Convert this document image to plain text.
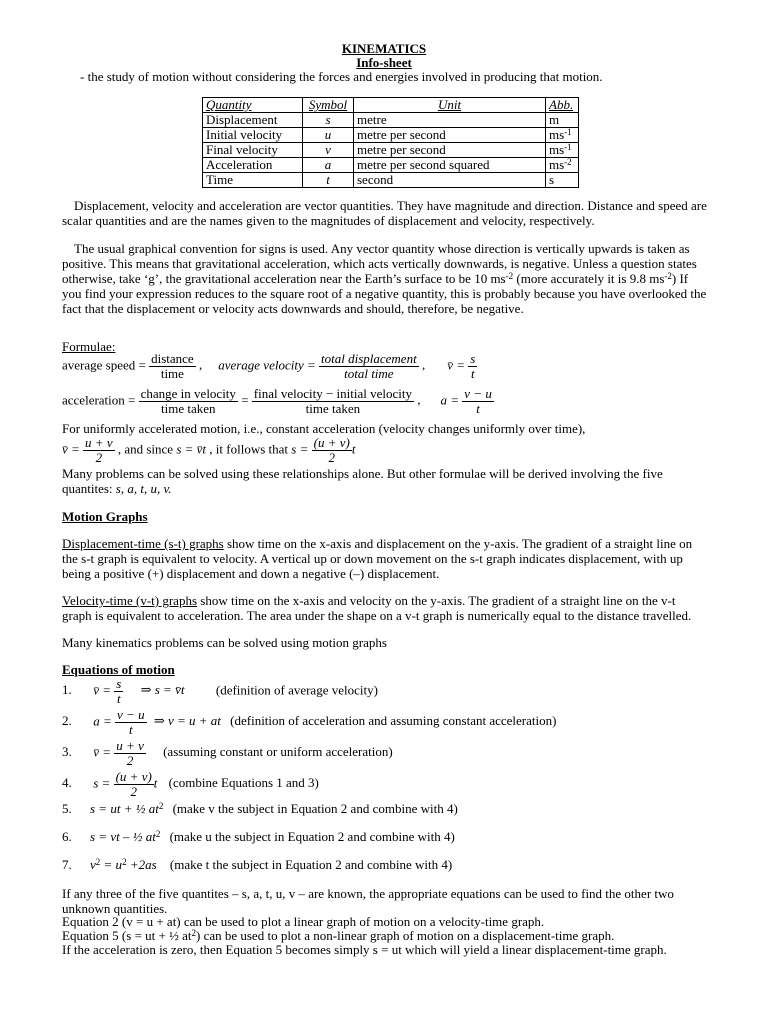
KINEMATICS
Info-sheet
- the study of motion without considering the forces and energies involved in producing that motion.
Quantity	Symbol	Unit	Abb.
Displacement	s	metre	m
Initial velocity	u	metre per second	$ms^{-1}$
Final velocity	v	metre per second	$ms^{-1}$
Acceleration	a	metre per second squared	$ms^{-2}$
Time	t	second	s
Displacement, velocity and acceleration are vector quantities. They have magnitude and direction. Distance and speed are scalar quantities and are the names given to the magnitudes of displacement and velocity, respectively.
The usual graphical convention for signs is used. Any vector quantity whose direction is vertically upwards is taken as positive. This means that gravitational acceleration, which acts vertically downwards, is negative. Unless a question states otherwise, take ‘g’, the gravitational acceleration near the Earth’s surface to be 10 $ms^{-2}$ (more accurately it is 9.8 $ms^{-2}$) If you find your expression reduces to the square root of a negative quantity, this is probably because you have overlooked the fact that the displacement or velocity acts downwards and should, therefore, be negative.
Formulae:
average speed = $\frac{\text{distance}}{\text{time}}$ , average velocity = $\frac{\text{total displacement}}{\text{total time}}$ , v̄ = $\frac{s}{t}$
acceleration = $\frac{\text{change in velocity}}{\text{time taken}} = \frac{\text{final velocity − initial velocity}}{\text{time taken}}$ , $a = \frac{v - u}{t}$
For uniformly accelerated motion, i.e., constant acceleration (velocity changes uniformly over time),
v̄ = $\frac{u + v}{2}$ , and since s = v̄t , it follows that $s = \frac{(u + v)}{2}$ t
Many problems can be solved using these relationships alone. But other formulae will be derived involving the five quantites: s, a, t, u, v.
Motion Graphs
Displacement-time (s-t) graphs show time on the x-axis and displacement on the y-axis. The gradient of a straight line on the s-t graph is equivalent to velocity. A vertical up or down movement on the s-t graph indicates displacement, with up being a positive (+) displacement and down a negative (–) displacement.
Velocity-time (v-t) graphs show time on the x-axis and velocity on the y-axis. The gradient of a straight line on the v-t graph is equivalent to acceleration. The area under the shape on a v-t graph is numerically equal to the distance travelled.
Many kinematics problems can be solved using motion graphs
Equations of motion
1. v̄ = $\frac{s}{t}$ ⇒ s = v̄t (definition of average velocity)
2. $a = \frac{v - u}{t}$ ⇒ v = u + at (definition of acceleration and assuming constant acceleration)
3. v̄ = $\frac{u + v}{2}$ (assuming constant or uniform acceleration)
4. $s = \frac{(u + v)}{2}$ t (combine Equations 1 and 3)
5. s = ut + ½ $at^2$ (make v the subject in Equation 2 and combine with 4)
6. s = vt – ½ $at^2$ (make u the subject in Equation 2 and combine with 4)
7. $v^2 = u^2 +2as$ (make t the subject in Equation 2 and combine with 4)
If any three of the five quantites – s, a, t, u, v – are known, the appropriate equations can be used to find the other two unknown quantities.
Equation 2 (v = u + at) can be used to plot a linear graph of motion on a velocity-time graph.
Equation 5 (s = ut + ½ $at^2$) can be used to plot a non-linear graph of motion on a displacement-time graph.
If the acceleration is zero, then Equation 5 becomes simply s = ut which will yield a linear displacement-time graph.
